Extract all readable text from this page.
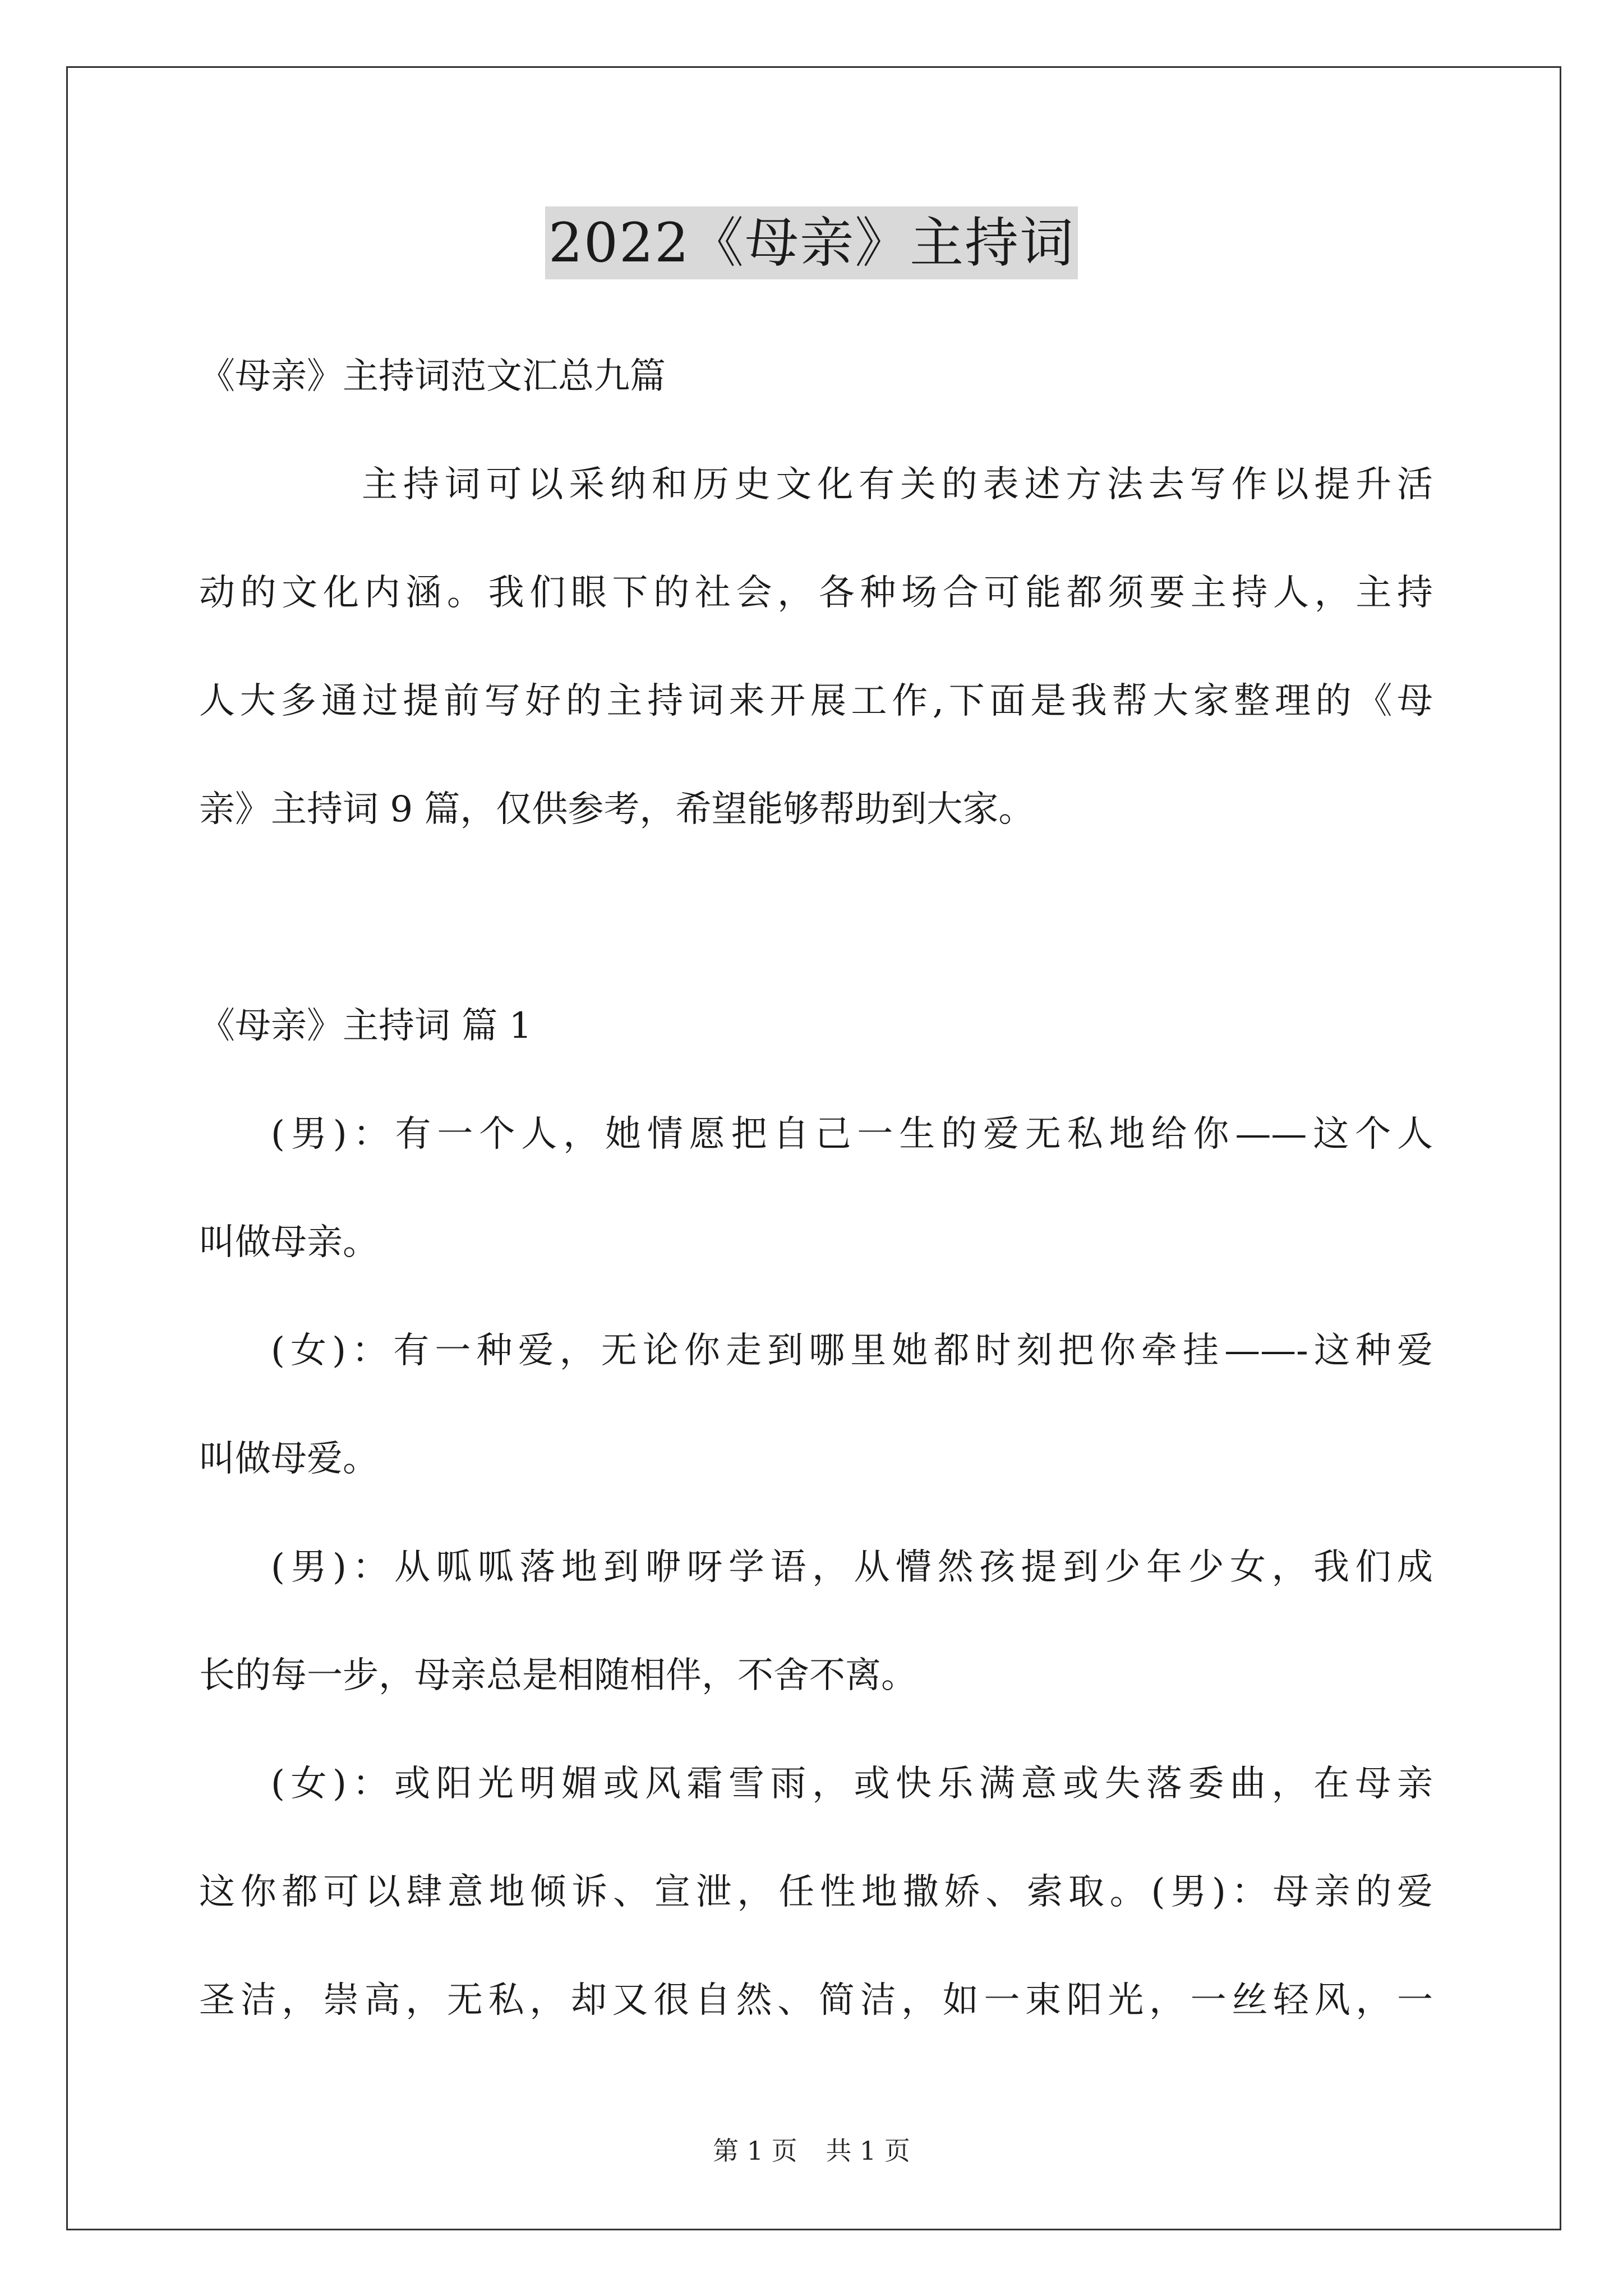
2022《母亲》主持词
《母亲》主持词范文汇总九篇
主持词可以采纳和历史文化有关的表述方法去写作以提升活
动的文化内涵。我们眼下的社会，各种场合可能都须要主持人，主持
人大多通过提前写好的主持词来开展工作,下面是我帮大家整理的《母
亲》主持词 9 篇，仅供参考，希望能够帮助到大家。
《母亲》主持词 篇 1
(男)：有一个人，她情愿把自己一生的爱无私地给你——这个人
叫做母亲。
(女)：有一种爱，无论你走到哪里她都时刻把你牵挂——-这种爱
叫做母爱。
(男)：从呱呱落地到咿呀学语，从懵然孩提到少年少女，我们成
长的每一步，母亲总是相随相伴，不舍不离。
(女)：或阳光明媚或风霜雪雨，或快乐满意或失落委曲，在母亲
这你都可以肆意地倾诉、宣泄，任性地撒娇、索取。(男)：母亲的爱
圣洁，崇高，无私，却又很自然、简洁，如一束阳光，一丝轻风，一
第 1 页 共 1 页
